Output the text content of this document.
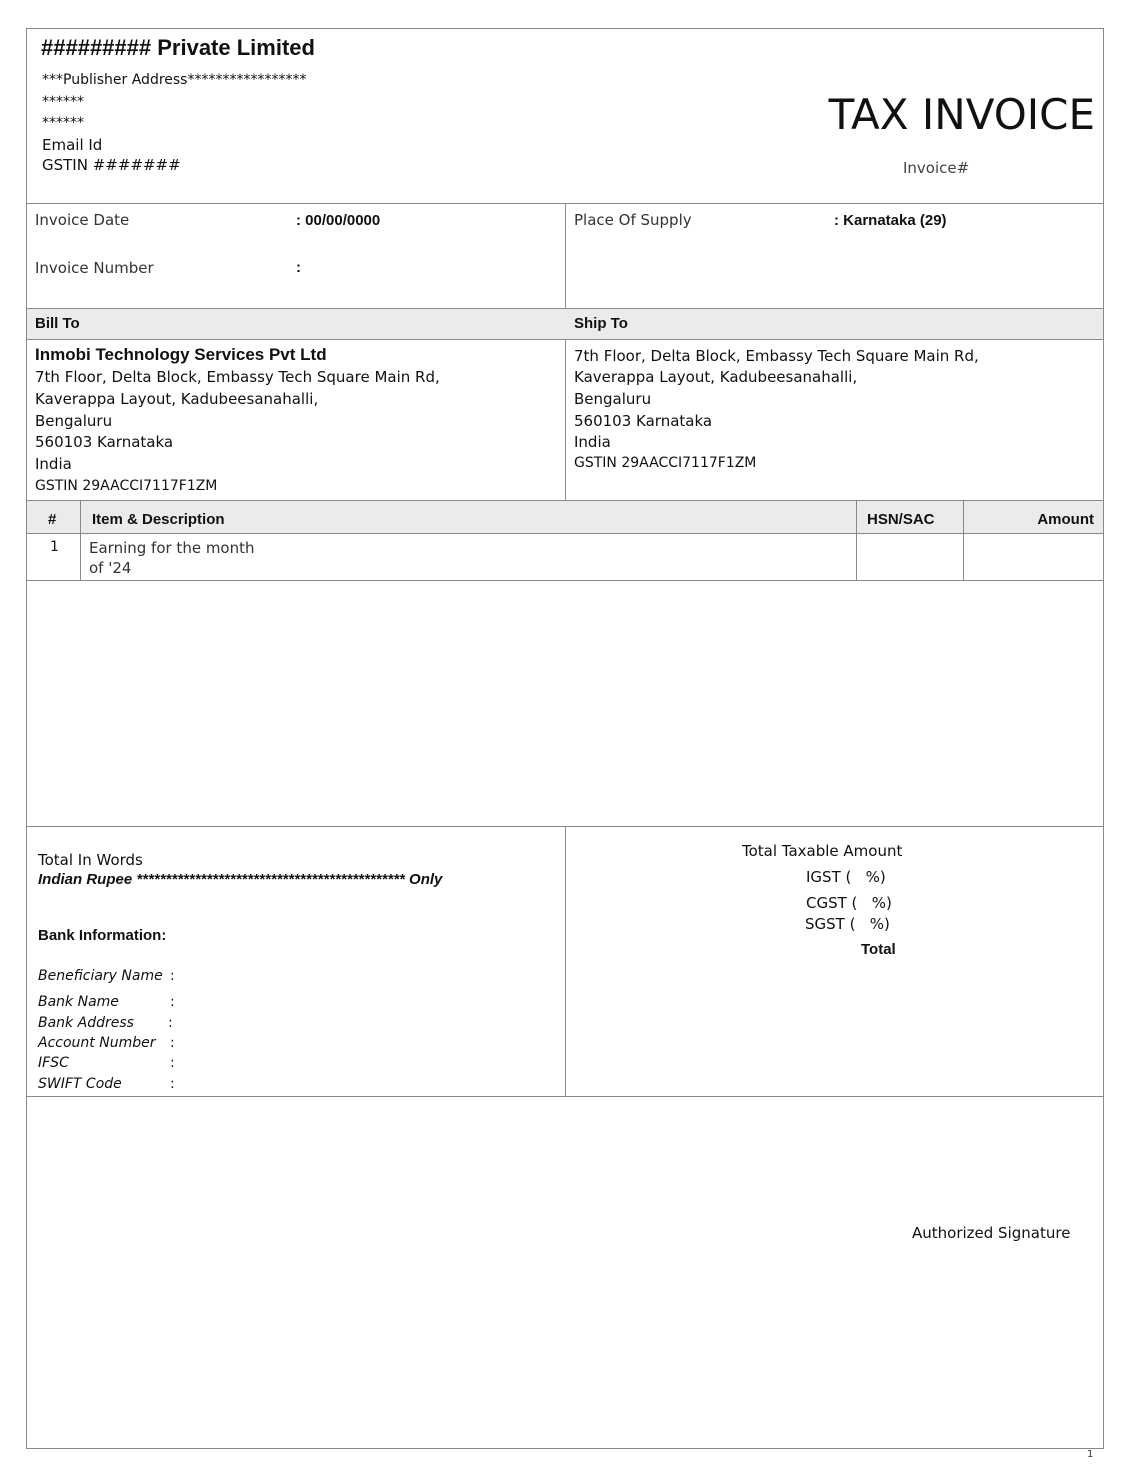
######### Private Limited
***Publisher Address*****************
******
******
Email Id
GSTIN #######
TAX INVOICE
Invoice#
Invoice Date	: 00/00/0000
Invoice Number	:
Place Of Supply	: Karnataka (29)
Bill To	Ship To
Inmobi Technology Services Pvt Ltd
7th Floor, Delta Block, Embassy Tech Square Main Rd,
Kaverappa Layout, Kadubeesanahalli,
Bengaluru
560103 Karnataka
India
GSTIN 29AACCI7117F1ZM
7th Floor, Delta Block, Embassy Tech Square Main Rd,
Kaverappa Layout, Kadubeesanahalli,
Bengaluru
560103 Karnataka
India
GSTIN 29AACCI7117F1ZM
# Item & Description	HSN/SAC	Amount
1 Earning for the month
of '24
Total In Words
Indian Rupee ********************************************** Only
Bank Information:
Beneficiary Name :
Bank Name	:
Bank Address :
Account Number :
IFSC	:
SWIFT Code	:
Total Taxable Amount
IGST (   %)
CGST (   %)
SGST (   %)
Total
Authorized Signature
1
